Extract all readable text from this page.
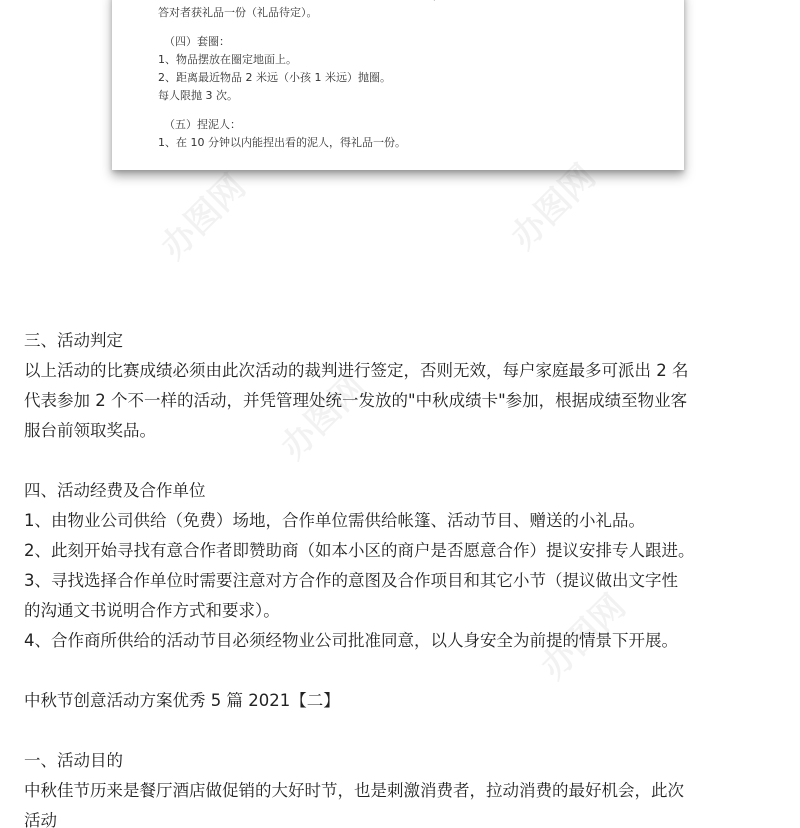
答对者获礼品一份（礼品待定）。

（四）套圈：

1、物品摆放在圈定地面上。

2、距离最近物品 2 米远（小孩 1 米远）抛圈。

每人限抛 3 次。

（五）捏泥人：

1、在 10 分钟以内能捏出看的泥人，得礼品一份。

办图网	办图网
办图网
办图网

三、活动判定

以上活动的比赛成绩必须由此次活动的裁判进行签定，否则无效，每户家庭最多可派出 2 名

代表参加 2 个不一样的活动，并凭管理处统一发放的"中秋成绩卡"参加，根据成绩至物业客

服台前领取奖品。

四、活动经费及合作单位

1、由物业公司供给（免费）场地，合作单位需供给帐篷、活动节目、赠送的小礼品。

2、此刻开始寻找有意合作者即赞助商（如本小区的商户是否愿意合作）提议安排专人跟进。

3、寻找选择合作单位时需要注意对方合作的意图及合作项目和其它小节（提议做出文字性

的沟通文书说明合作方式和要求）。

4、合作商所供给的活动节目必须经物业公司批准同意，以人身安全为前提的情景下开展。

中秋节创意活动方案优秀 5 篇 2021【二】

一、活动目的

中秋佳节历来是餐厅酒店做促销的大好时节，也是刺激消费者，拉动消费的最好机会，此次

活动
